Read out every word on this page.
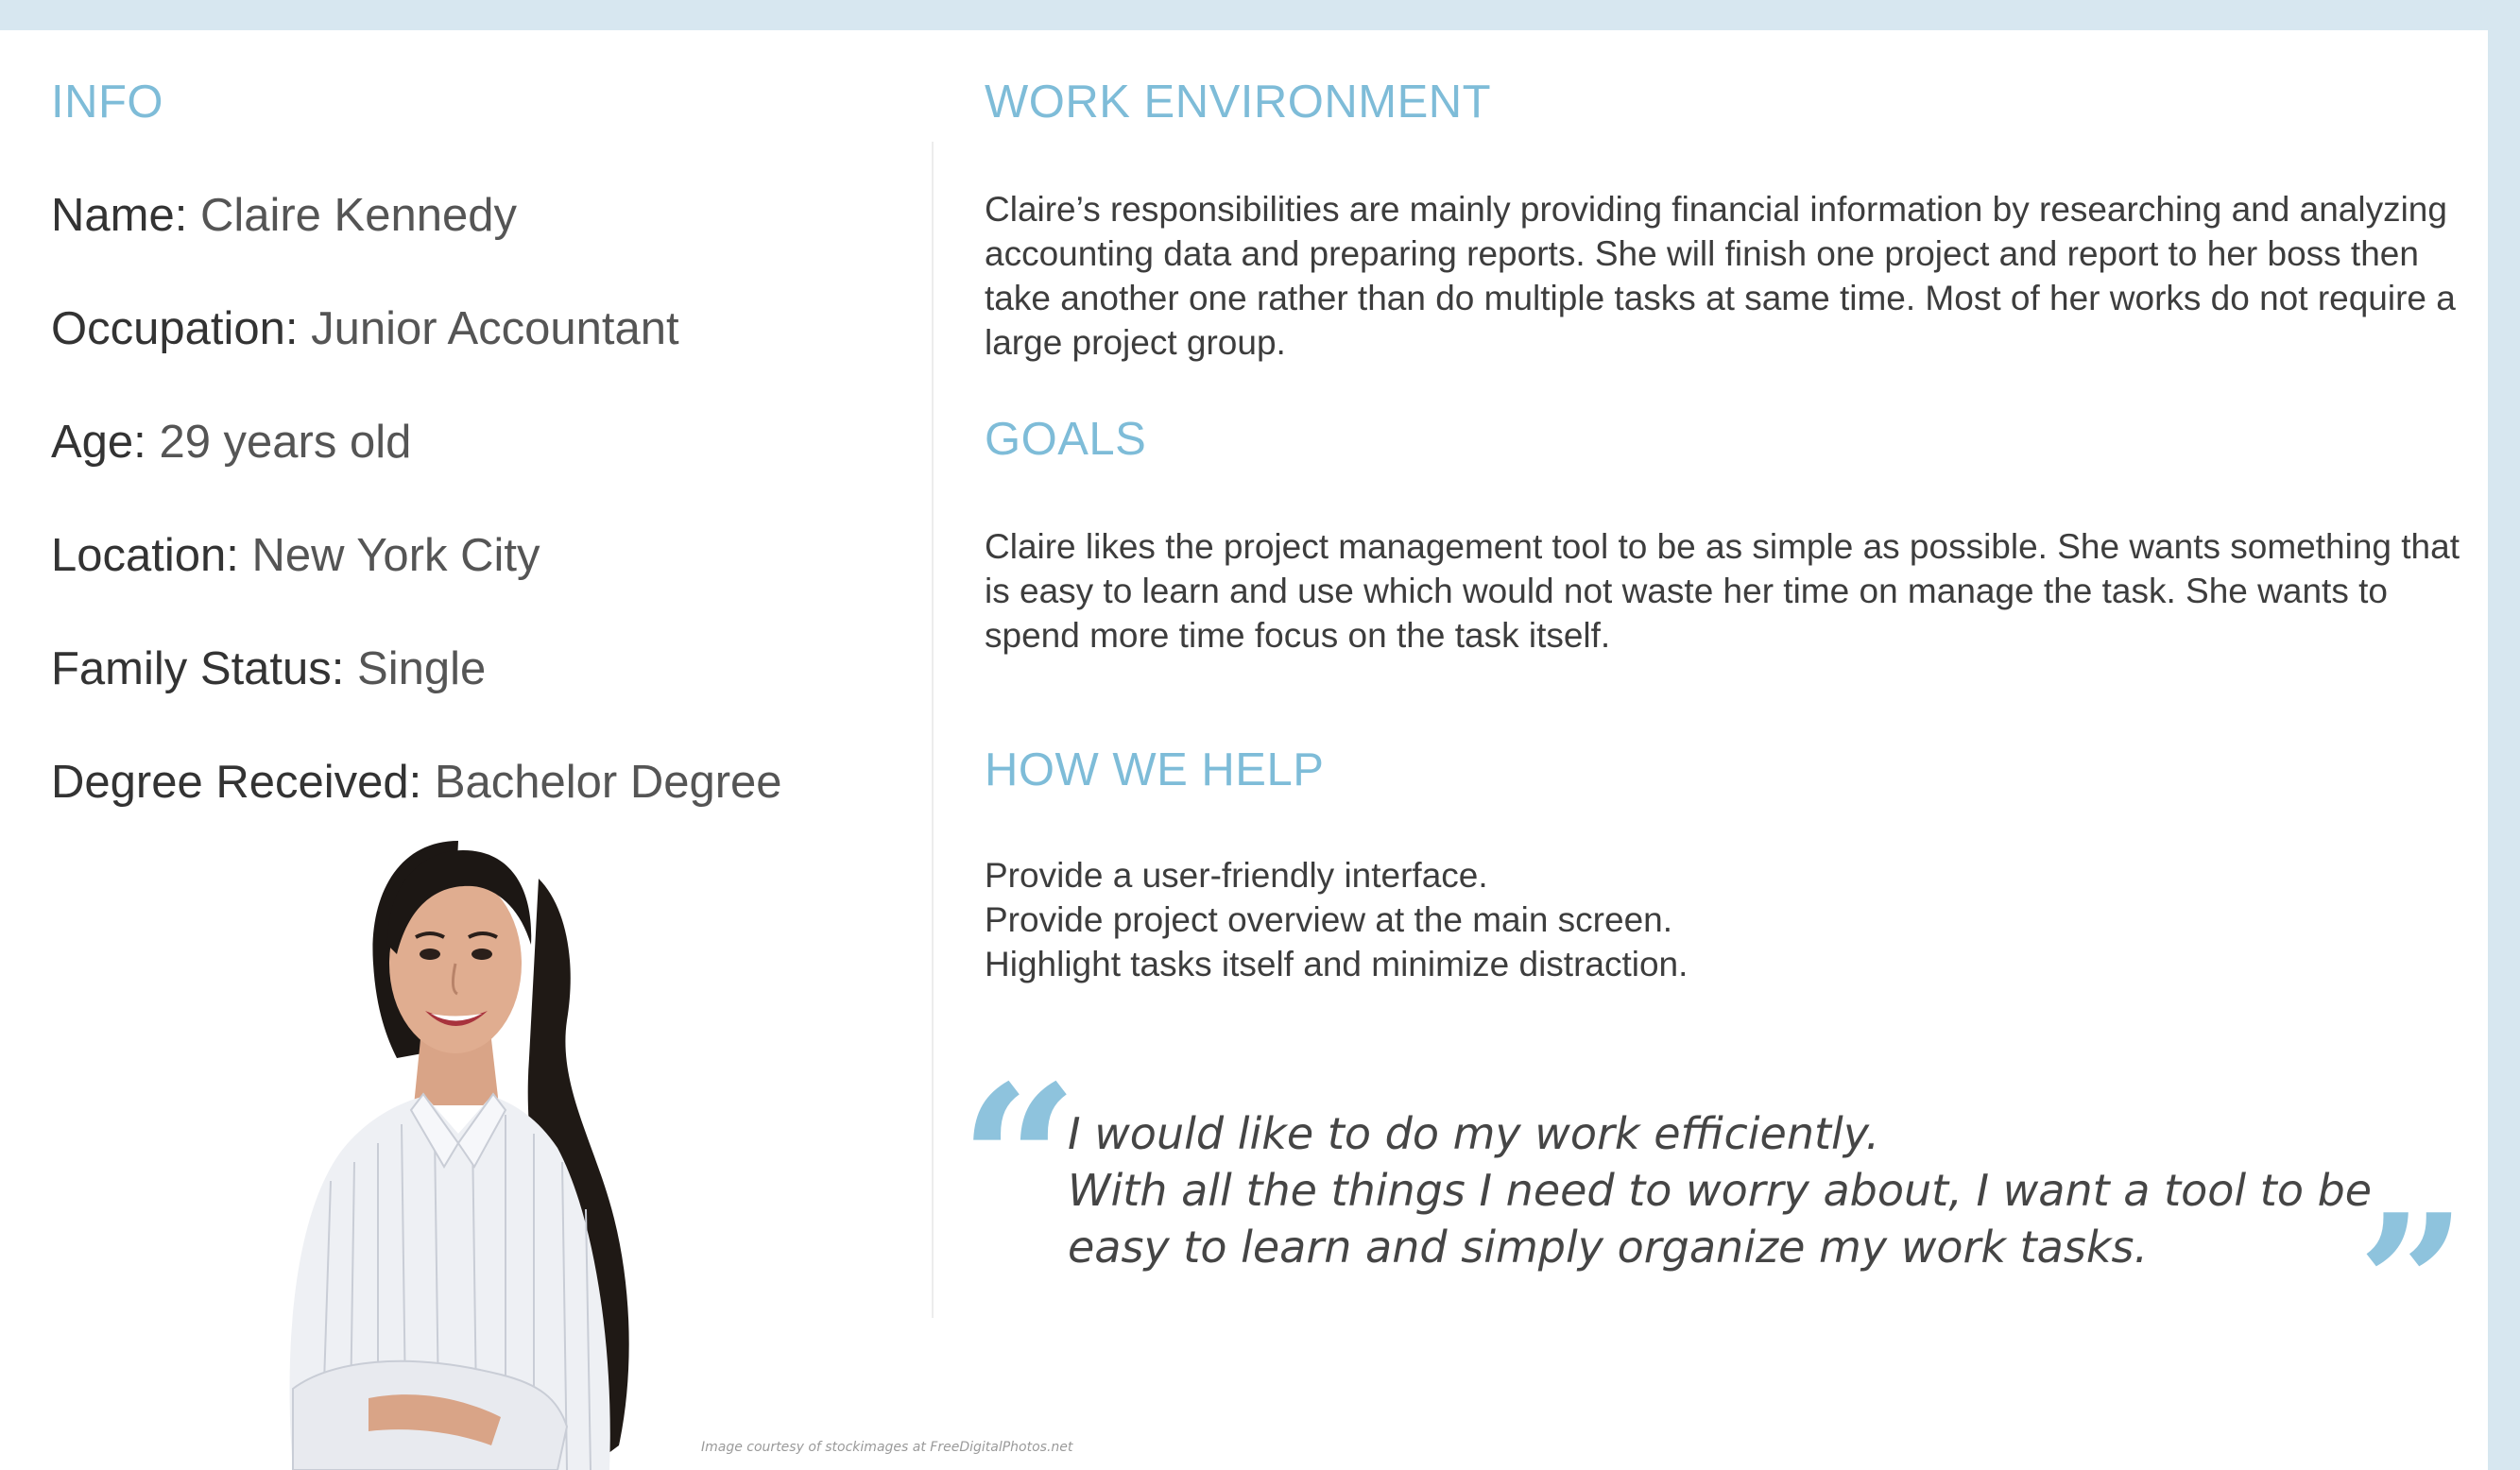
INFO

Name: Claire Kennedy

Occupation: Junior Accountant

Age: 29 years old

Location: New York City

Family Status: Single

Degree Received: Bachelor Degree

Image courtesy of stockimages at FreeDigitalPhotos.net

WORK ENVIRONMENT

Claire’s responsibilities are mainly providing financial information by researching and analyzing accounting data and preparing reports. She will finish one project and report to her boss then take another one rather than do multiple tasks at same time. Most of her works do not require a large project group.

GOALS

Claire likes the project management tool to be as simple as possible. She wants something that is easy to learn and use which would not waste her time on manage the task. She wants to spend more time focus on the task itself.

HOW WE HELP

Provide a user-friendly interface.
Provide project overview at the main screen.
Highlight tasks itself and minimize distraction.

“

I would like to do my work efficiently.
With all the things I need to worry about, I want a tool to be
easy to learn and simply organize my work tasks.	”
